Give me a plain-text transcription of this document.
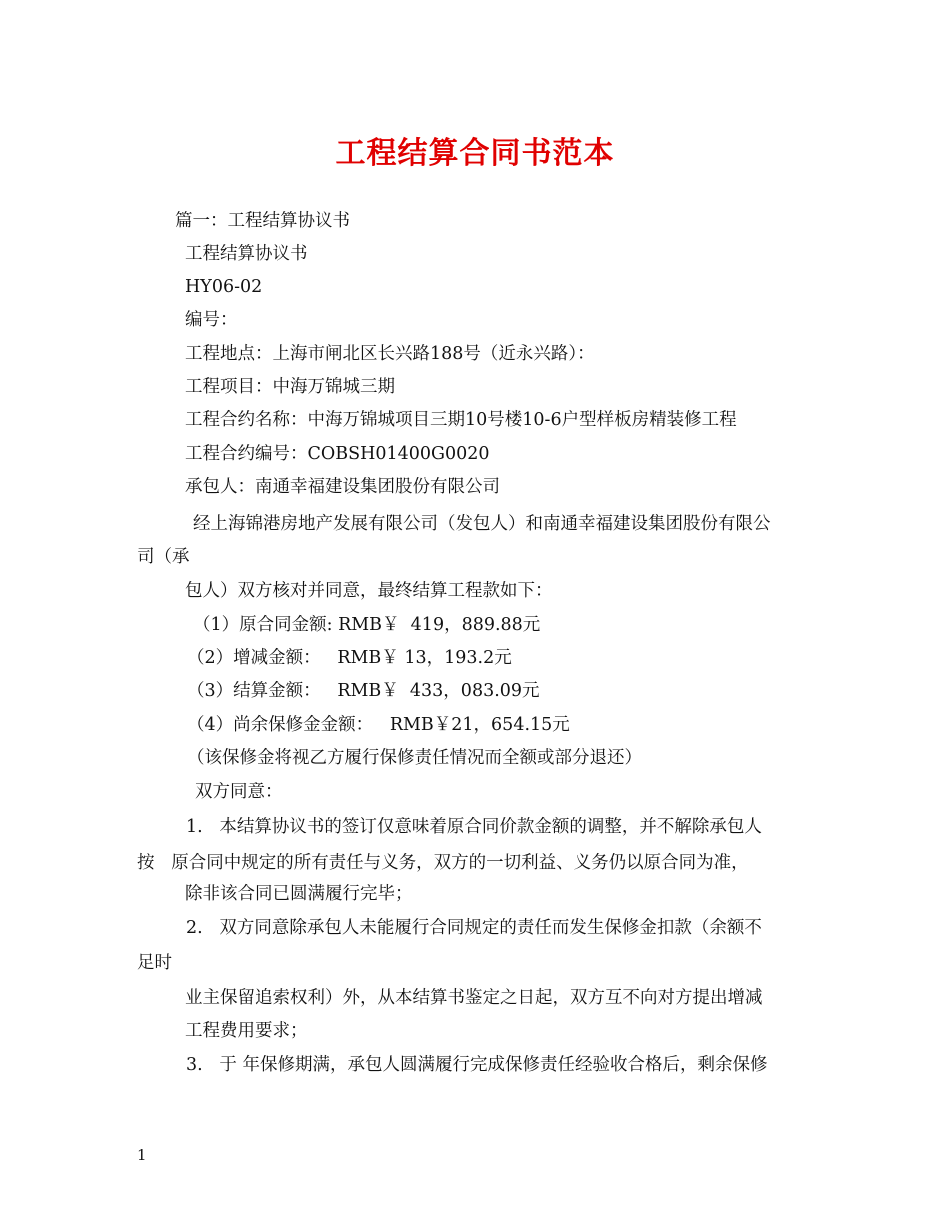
工程结算合同书范本
篇一：工程结算协议书
工程结算协议书
HY06-02
编号：
工程地点：上海市闸北区长兴路188号（近永兴路）：
工程项目：中海万锦城三期
工程合约名称：中海万锦城项目三期10号楼10-6户型样板房精装修工程
工程合约编号：COBSH01400G0020
承包人：南通幸福建设集团股份有限公司
经上海锦港房地产发展有限公司（发包人）和南通幸福建设集团股份有限公
司（承
包人）双方核对并同意，最终结算工程款如下：
（1）原合同金额: RMB￥  419，889.88元
（2）增减金额：   RMB￥ 13，193.2元
（3）结算金额：   RMB￥  433，083.09元
（4）尚余保修金金额：   RMB￥21，654.15元
（该保修金将视乙方履行保修责任情况而全额或部分退还）
双方同意：
1.   本结算协议书的签订仅意味着原合同价款金额的调整，并不解除承包人
按   原合同中规定的所有责任与义务，双方的一切利益、义务仍以原合同为准，
除非该合同已圆满履行完毕；
2.   双方同意除承包人未能履行合同规定的责任而发生保修金扣款（余额不
足时
业主保留追索权利）外，从本结算书鉴定之日起，双方互不向对方提出增减
工程费用要求；
3.   于 年保修期满，承包人圆满履行完成保修责任经验收合格后，剩余保修
1
